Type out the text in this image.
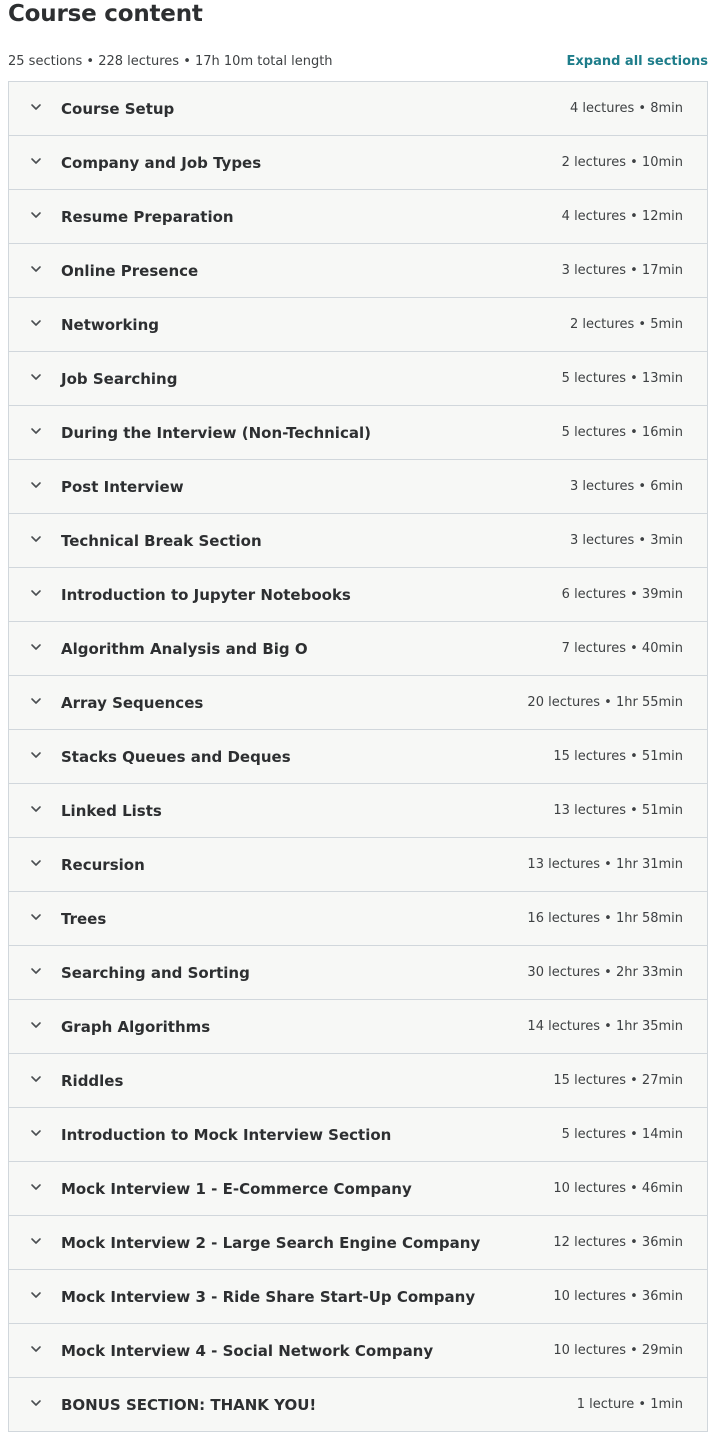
Course content
25 sections • 228 lectures • 17h 10m total length	Expand all sections
Course Setup	4 lectures • 8min
Company and Job Types	2 lectures • 10min
Resume Preparation	4 lectures • 12min
Online Presence	3 lectures • 17min
Networking	2 lectures • 5min
Job Searching	5 lectures • 13min
During the Interview (Non-Technical)	5 lectures • 16min
Post Interview	3 lectures • 6min
Technical Break Section	3 lectures • 3min
Introduction to Jupyter Notebooks	6 lectures • 39min
Algorithm Analysis and Big O	7 lectures • 40min
Array Sequences	20 lectures • 1hr 55min
Stacks Queues and Deques	15 lectures • 51min
Linked Lists	13 lectures • 51min
Recursion	13 lectures • 1hr 31min
Trees	16 lectures • 1hr 58min
Searching and Sorting	30 lectures • 2hr 33min
Graph Algorithms	14 lectures • 1hr 35min
Riddles	15 lectures • 27min
Introduction to Mock Interview Section	5 lectures • 14min
Mock Interview 1 - E-Commerce Company	10 lectures • 46min
Mock Interview 2 - Large Search Engine Company	12 lectures • 36min
Mock Interview 3 - Ride Share Start-Up Company	10 lectures • 36min
Mock Interview 4 - Social Network Company	10 lectures • 29min
BONUS SECTION: THANK YOU!	1 lecture • 1min
